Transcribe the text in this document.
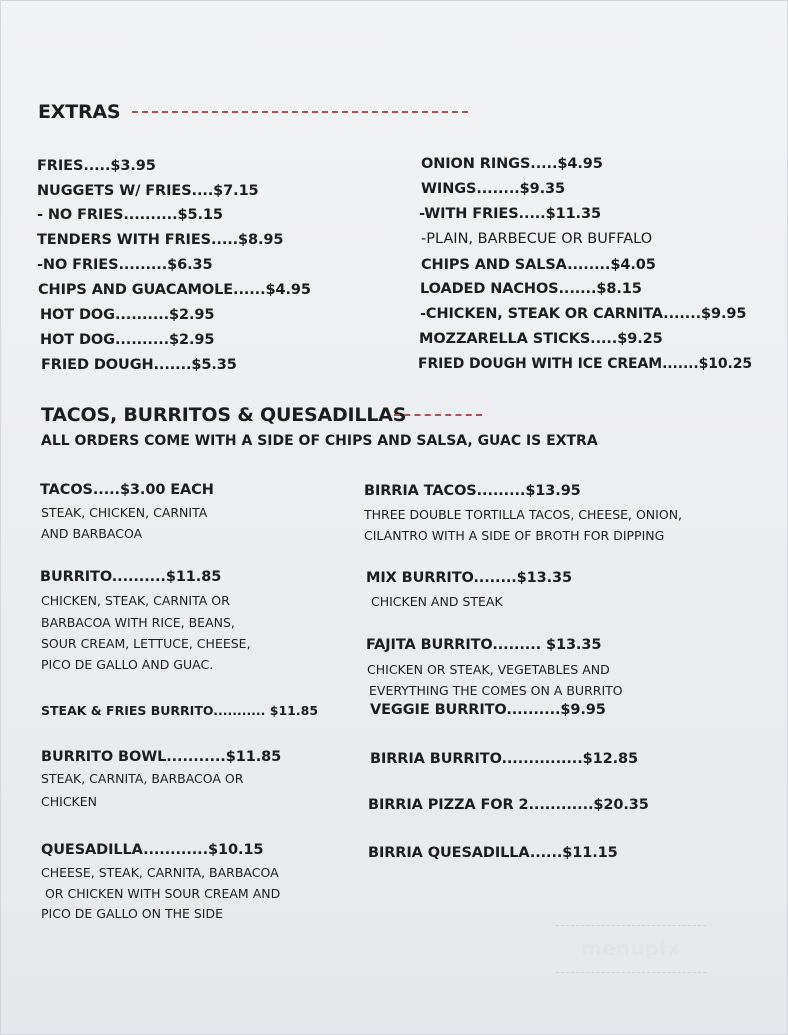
EXTRAS
FRIES.....$3.95
NUGGETS W/ FRIES....$7.15
- NO FRIES..........$5.15
TENDERS WITH FRIES.....$8.95
-NO FRIES.........$6.35
CHIPS AND GUACAMOLE......$4.95
HOT DOG..........$2.95
HOT DOG..........$2.95
FRIED DOUGH.......$5.35
ONION RINGS.....$4.95
WINGS........$9.35
-WITH FRIES.....$11.35
-PLAIN, BARBECUE OR BUFFALO
CHIPS AND SALSA........$4.05
LOADED NACHOS.......$8.15
-CHICKEN, STEAK OR CARNITA.......$9.95
MOZZARELLA STICKS.....$9.25
FRIED DOUGH WITH ICE CREAM.......$10.25
TACOS, BURRITOS & QUESADILLAS
ALL ORDERS COME WITH A SIDE OF CHIPS AND SALSA, GUAC IS EXTRA
TACOS.....$3.00 EACH
STEAK, CHICKEN, CARNITA
AND BARBACOA
BURRITO..........$11.85
CHICKEN, STEAK, CARNITA OR
BARBACOA WITH RICE, BEANS,
SOUR CREAM, LETTUCE, CHEESE,
PICO DE GALLO AND GUAC.
STEAK & FRIES BURRITO........... $11.85
BURRITO BOWL...........$11.85
STEAK, CARNITA, BARBACOA OR
CHICKEN
QUESADILLA............$10.15
CHEESE, STEAK, CARNITA, BARBACOA
OR CHICKEN WITH SOUR CREAM AND
PICO DE GALLO ON THE SIDE
BIRRIA TACOS.........$13.95
THREE DOUBLE TORTILLA TACOS, CHEESE, ONION,
CILANTRO WITH A SIDE OF BROTH FOR DIPPING
MIX BURRITO........$13.35
CHICKEN AND STEAK
FAJITA BURRITO......... $13.35
CHICKEN OR STEAK, VEGETABLES AND
EVERYTHING THE COMES ON A BURRITO
VEGGIE BURRITO..........$9.95
BIRRIA BURRITO...............$12.85
BIRRIA PIZZA FOR 2............$20.35
BIRRIA QUESADILLA......$11.15
menupix
